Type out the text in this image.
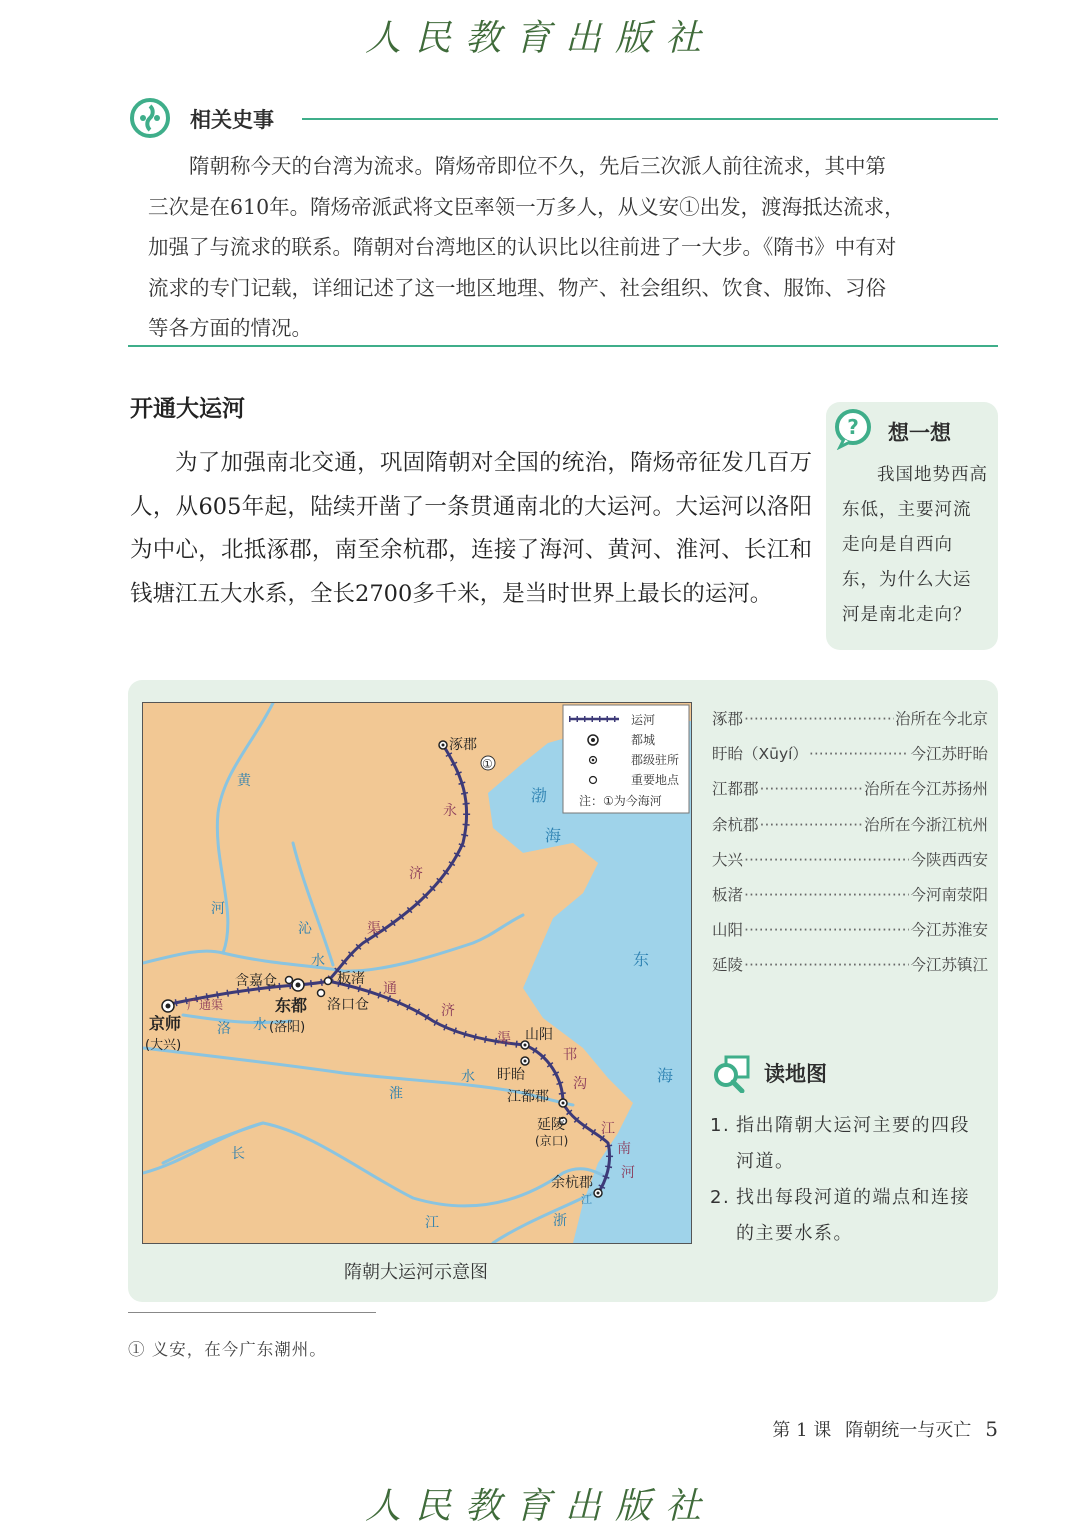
人民教育出版社
相关史事

　　隋朝称今天的台湾为流求。隋炀帝即位不久，先后三次派人前往流求，其中第

三次是在610年。隋炀帝派武将文臣率领一万多人，从义安①出发，渡海抵达流求，

加强了与流求的联系。隋朝对台湾地区的认识比以往前进了一大步。《隋书》中有对

流求的专门记载，详细记述了这一地区地理、物产、社会组织、饮食、服饰、习俗

等各方面的情况。

开通大运河

为了加强南北交通，巩固隋朝对全国的统治，隋炀帝征发几百万人，从605年起，陆续开凿了一条贯通南北的大运河。大运河以洛阳为中心，北抵涿郡，南至余杭郡，连接了海河、黄河、淮河、长江和钱塘江五大水系，全长2700多千米，是当时世界上最长的运河。

? 想一想
我国地势西高东低，主要河流走向是自西向东，为什么大运河是南北走向？
渤
海
东
海
黄
河
沁
水
洛 水
淮
水
长
江	浙
江
永
济
渠
通
济
渠
广通渠
邗
沟
江
南
河
涿郡
京师
(大兴)
东都
(洛阳)
含嘉仓	板渚
洛口仓
山阳
盱眙
江都郡
延陵
(京口)
余杭郡
①
运河
都城
郡级驻所
重要地点
注：①为今海河
隋朝大运河示意图
涿郡 ·····	治所在今北京
盱眙（Xūyí） ·····	今江苏盱眙
江都郡 ·····	治所在今江苏扬州
余杭郡 ·····	治所在今浙江杭州
大兴 ·····	今陕西西安
板渚 ·····	今河南荥阳
山阳 ·····	今江苏淮安
延陵 ·····	今江苏镇江
读地图
1. 指出隋朝大运河主要的四段河道。
2. 找出每段河道的端点和连接的主要水系。
① 义安，在今广东潮州。
第 1 课 隋朝统一与灭亡 5
人民教育出版社
